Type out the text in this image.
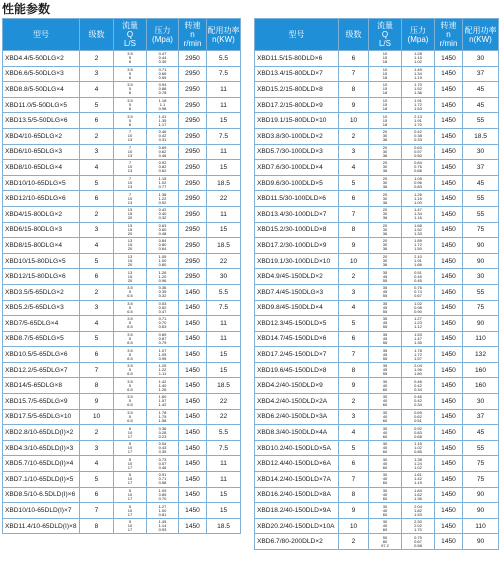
性能参数
型号	级数	流量
Q
L/S	压力
(Mpa)	转速
n
r/min	配用功率
n(KW)

XBD4.4/5-50DLG×2	2	3.5
5
6	0.47
0.44
0.39	2950	5.5
XBD6.6/5-50DLG×3	3	3.5
5
6	0.71
0.66
0.59	2950	7.5
XBD8.8/5-50DLG×4	4	3.5
5
6	0.94
0.88
0.78	2950	11
XBD11.0/5-50DLG×5	5	3.5
5
6	1.18
1.1
0.98	2950	11
XBD13.5/5-50DLG×6	6	3.5
5
6	1.41
1.35
1.17	2950	15
XBD4/10-65DLG×2	2	7
10
13	0.46
0.42
0.31	2950	7.5
XBD6/10-65DLG×3	3	7
10
13	0.69
0.62
0.46	2950	11
XBD8/10-65DLG×4	4	7
10
13	0.92
0.82
0.62	2950	15
XBD10/10-65DLG×5	5	7
10
13	1.15
1.02
0.77	2950	18.5
XBD12/10-65DLG×6	6	7
10
13	1.38
1.22
0.92	2950	22
XBD4/15-80DLG×2	2	13
15
20	0.42
0.40
0.32	2950	11
XBD6/15-80DLG×3	3	13
15
20	0.63
0.60
0.48	2950	15
XBD8/15-80DLG×4	4	13
15
20	0.84
0.80
0.64	2950	18.5
XBD10/15-80DLG×5	5	13
15
20	1.05
1.00
0.80	2950	22
XBD12/15-80DLG×6	6	13
15
20	1.26
1.20
0.96	2950	30
XBD3.5/5-65DLG×2	2	3.5
5
6.5	0.36
0.35
0.32	1450	5.5
XBD5.2/5-65DLG×3	3	3.5
5
6.5	0.53
0.52
0.47	1450	7.5
XBD7/5-65DLG×4	4	3.5
5
6.5	0.71
0.70
0.63	1450	11
XBD8.7/5-65DLG×5	5	3.5
5
6.5	0.89
0.87
0.79	1450	11
XBD10.5/5-65DLG×6	6	3.5
5
6.5	1.07
1.05
0.95	1450	15
XBD12.2/5-65DLG×7	7	3.5
5
6.5	1.25
1.22
1.11	1450	15
XBD14/5-65DLG×8	8	3.5
5
6.5	1.42
1.40
1.26	1450	18.5
XBD15.7/5-65DLG×9	9	3.5
5
6.5	1.60
1.57
1.42	1450	22
XBD17.5/5-65DLG×10	10	3.5
5
6.5	1.78
1.75
1.58	1450	22
XBD2.8/10-65DLD(I)×2	2	5
10
17	0.36
0.28
0.23	1450	5.5
XBD4.3/10-65DLD(I)×3	3	5
10
17	0.54
0.43
0.35	1450	7.5
XBD5.7/10-65DLD(I)×4	4	5
10
17	0.73
0.57
0.46	1450	11
XBD7.1/10-65DLD(I)×5	5	5
10
17	0.91
0.71
0.58	1450	11
XBD8.5/10-6.5DLD(I)×6	6	5
10
17	1.09
0.85
0.70	1450	15
XBD10/10-65DLD(I)×7	7	5
10
17	1.27
1.00
0.81	1450	15
XBD11.4/10-65DLD(I)×8	8	5
10
17	1.45
1.14
0.93	1450	18.5
型号	级数	流量
Q
L/S	压力
(Mpa)	转速
n
r/min	配用功率
n(KW)

XBD11.5/15-80DLD×6	6	10
15
18	1.28
1.15
1.02	1450	30
XBD13.4/15-80DLD×7	7	10
15
18	1.49
1.34
1.19	1450	37
XBD15.2/15-80DLD×8	8	10
15
18	1.70
1.52
1.36	1450	45
XBD17.2/15-80DLD×9	9	10
15
18	1.91
1.72
1.53	1450	45
XBD19.1/15-80DLD×10	10	10
15
18	2.13
1.91
1.70	1450	55
XBD3.8/30-100DLD×2	2	20
30
36	0.42
0.38
0.33	1450	18.5
XBD5.7/30-100DLD×3	3	20
30
36	0.63
0.57
0.50	1450	30
XBD7.6/30-100DLD×4	4	20
30
36	0.84
0.76
0.66	1450	37
XBD9.6/30-100DLD×5	5	20
30
36	1.05
0.96
0.83	1450	45
XBD11.5/30-100DLD×6	6	20
30
36	1.26
1.15
1.00	1450	55
XBD13.4/30-100DLD×7	7	20
30
36	1.47
1.34
1.16	1450	55
XBD15.2/30-100DLD×8	8	20
30
36	1.68
1.52
1.33	1450	75
XBD17.2/30-100DLD×9	9	20
30
36	1.89
1.72
1.50	1450	90
XBD19.1/30-100DLD×10	10	20
30
36	2.10
1.91
1.66	1450	90
XBD4.9/45-150DLD×2	2	35
45
55	0.51
0.49
0.45	1450	30
XBD7.4/45-150DLG×3	3	35
45
55	0.76
0.74
0.67	1450	55
XBD9.8/45-150DLD×4	4	35
45
55	1.02
0.98
0.90	1450	75
XBD12.3/45-150DLD×5	5	35
45
55	1.27
1.23
1.12	1450	90
XBD14.7/45-150DLD×6	6	35
45
55	1.53
1.47
1.35	1450	110
XBD17.2/45-150DLD×7	7	35
45
55	1.78
1.72
1.57	1450	132
XBD19.6/45-150DLD×8	8	35
45
55	2.04
1.96
1.80	1450	160
XBD4.2/40-150DLD×9	9	30
40
60	0.46
0.42
0.34	1450	160
XBD4.2/40-150DLD×2A	2	30
40
60	0.46
0.42
0.34	1450	30
XBD6.2/40-150DLD×3A	3	30
40
60	0.69
0.62
0.51	1450	37
XBD8.3/40-150DLD×4A	4	30
40
60	0.92
0.83
0.68	1450	45
XBD10.2/40-150DLD×5A	5	30
40
60	1.15
1.02
0.85	1450	55
XBD12.4/40-150DLD×6A	6	30
40
60	1.38
1.24
1.02	1450	75
XBD14.2/40-150DLD×7A	7	30
40
60	1.61
1.42
1.19	1450	75
XBD16.2/40-150DLD×8A	8	30
40
60	1.84
1.62
1.36	1450	90
XBD18.2/40-150DLD×9A	9	30
40
60	2.04
1.82
1.53	1450	90
XBD20.2/40-150DLD×10A	10	30
40
60	2.30
2.02
1.70	1450	110
XBD6.7/80-200DLD×2	2	50
80
97.2	0.75
0.67
0.58	1450	90
